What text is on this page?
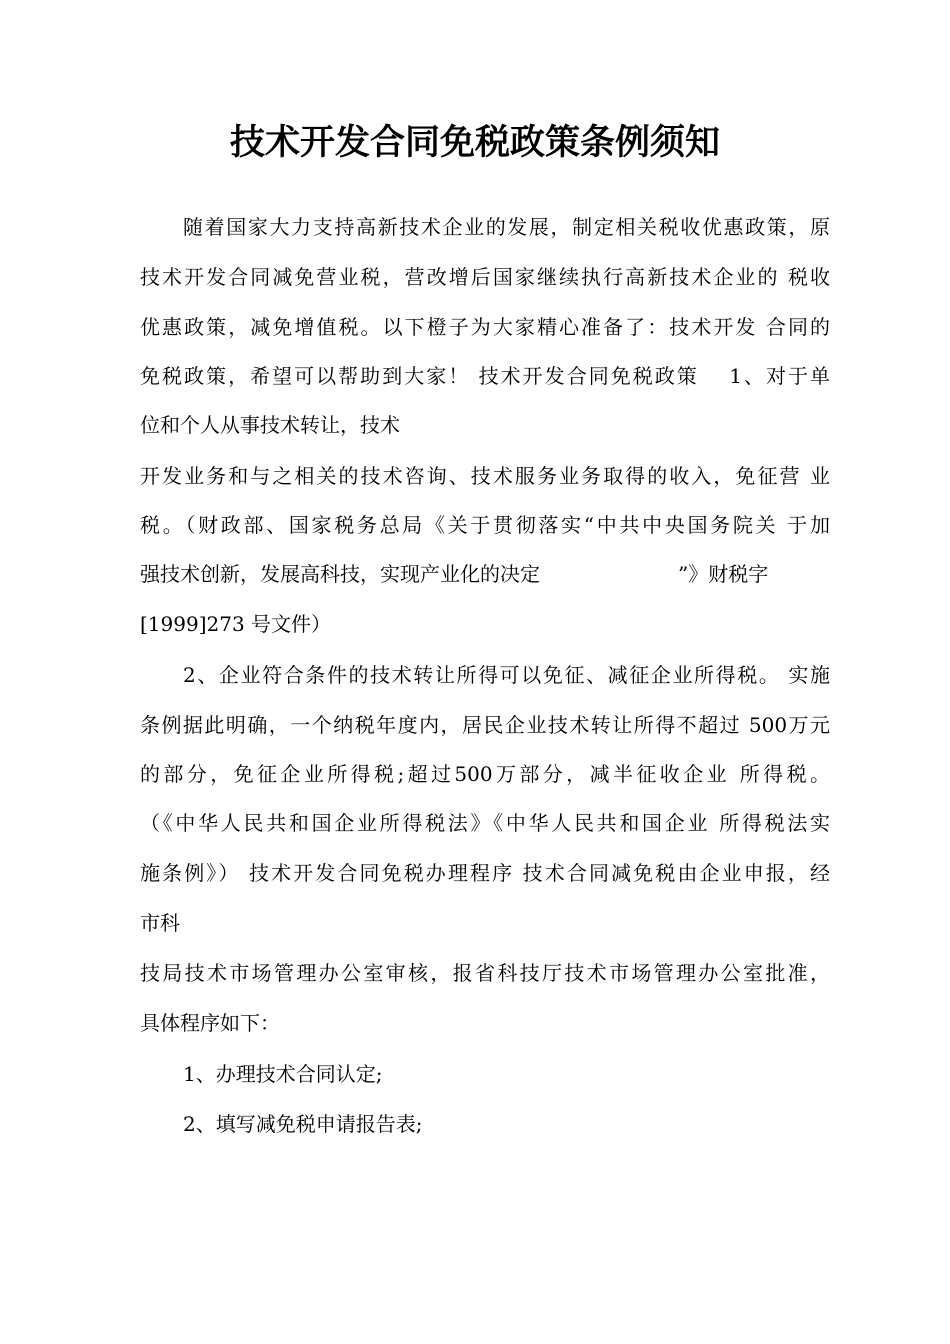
技术开发合同免税政策条例须知

随着国家大力支持高新技术企业的发展，制定相关税收优惠政策，原

技术开发合同减免营业税，营改增后国家继续执行高新技术企业的 税收

优惠政策，减免增值税。以下橙子为大家精心准备了：技术开发 合同的

免税政策，希望可以帮助到大家！ 技术开发合同免税政策　 1、对于单

位和个人从事技术转让，技术

开发业务和与之相关的技术咨询、技术服务业务取得的收入，免征营 业

税。（财政部、国家税务总局《关于贯彻落实“中共中央国务院关 于加

强技术创新，发展高科技，实现产业化的决定	”》财税字

[1999]273 号文件）

2、企业符合条件的技术转让所得可以免征、减征企业所得税。 实施

条例据此明确，一个纳税年度内，居民企业技术转让所得不超过 500万元

的部分，免征企业所得税;超过500万部分，减半征收企业 所得税。

（《中华人民共和国企业所得税法》《中华人民共和国企业 所得税法实

施条例》） 技术开发合同免税办理程序 技术合同减免税由企业申报，经

市科

技局技术市场管理办公室审核，报省科技厅技术市场管理办公室批准，

具体程序如下：

1、办理技术合同认定;

2、填写减免税申请报告表;
